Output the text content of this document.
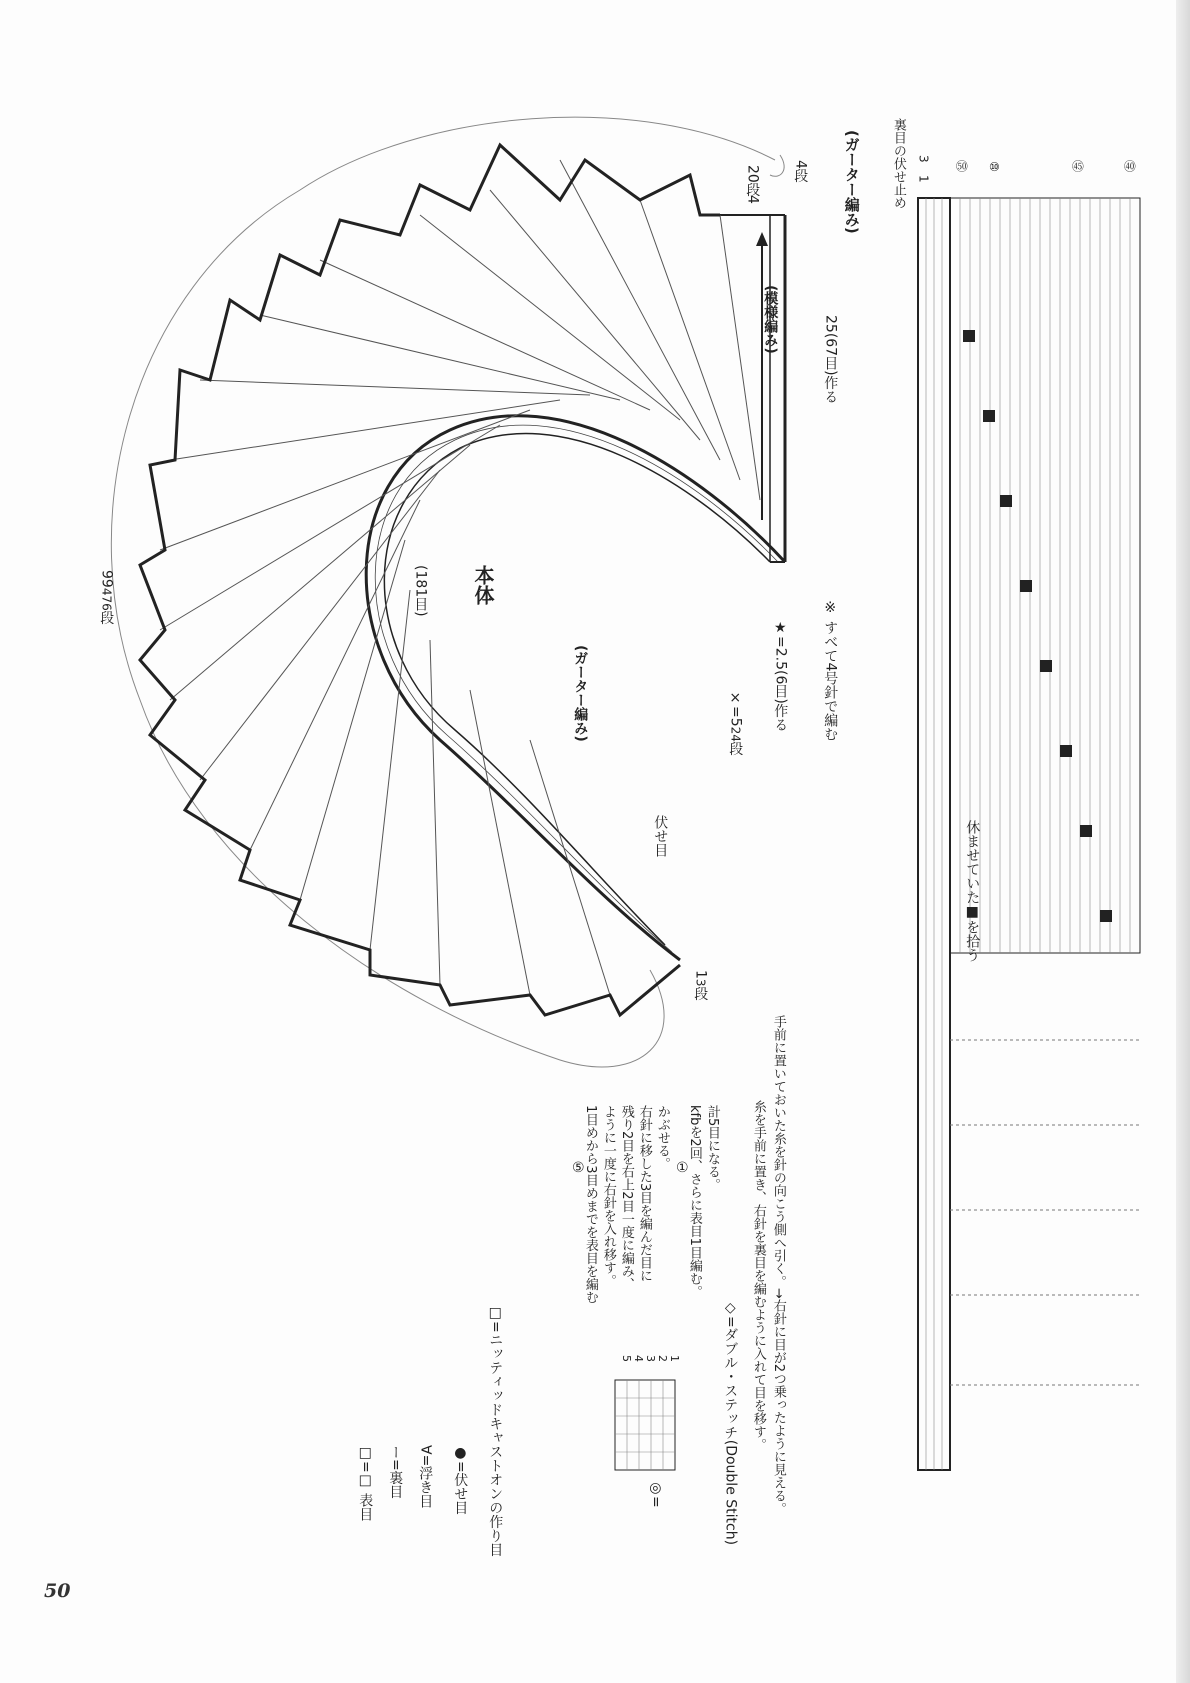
本体
(181目)
(ガーター編み)
(ガーター編み)
(模様編み)	25(67目)作る
99476段
20段
4
4段
13段
伏せ目
×=524段
★=2.5(6目)作る ※ すべて4号針で編む
裏目の伏せ止め 3
1
㊿ ⑩	㊺	㊵
休ませていた■を拾う
□=□ 表目 ー=裏目 ∀=浮き目 ●=伏せ目 □=ニッティッドキャストオンの作り目	◎=
5 4 3 2 1
⑤
1目めから3目めまでを表目を編む ように一度に右針を入れ移す。 残り2目を右上2目一度に編み、 右針に移した3目を編んだ目に かぶせる。 ①
kfbを2回、さらに表目1目編む。 計5目になる。
◇=ダブル・ステッチ(Double Stitch) 糸を手前に置き、右針を裏目を編むように入れて目を移す。 手前に置いておいた糸を針の向こう側へ引く。→右針に目が2つ乗ったように見える。
50
